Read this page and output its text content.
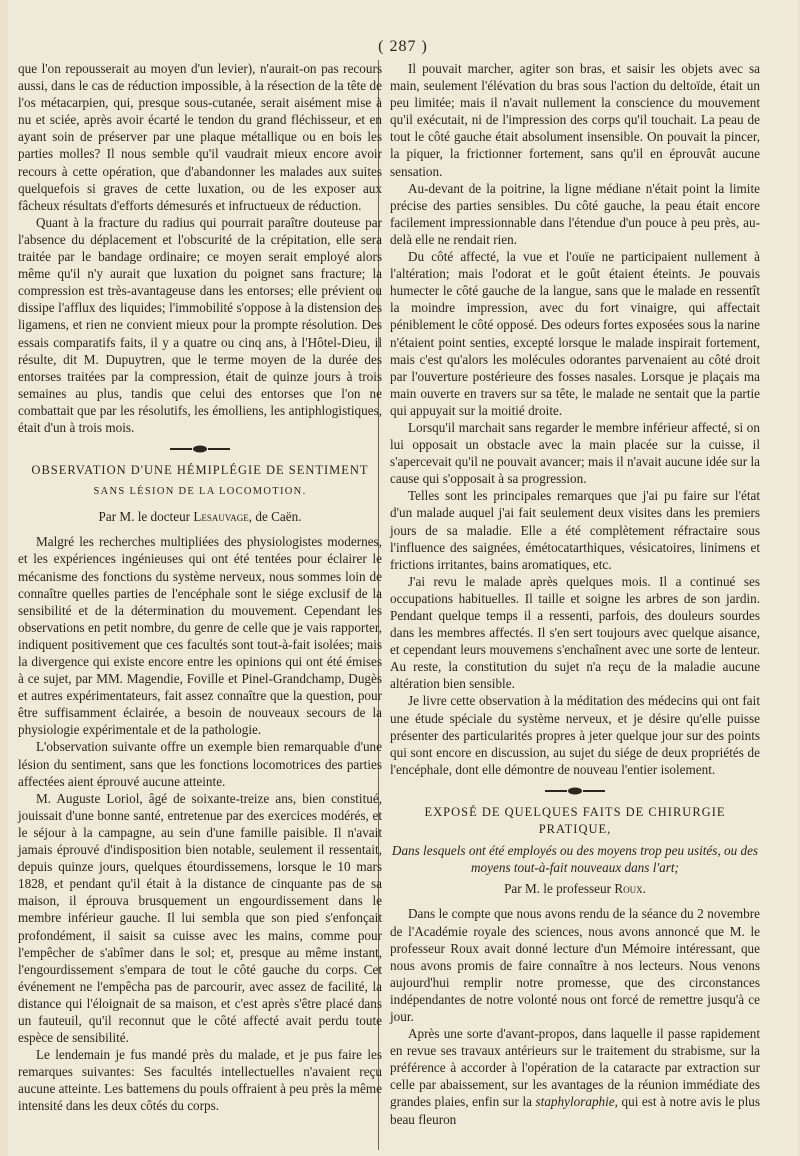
( 287 )

que l'on repousserait au moyen d'un levier), n'aurait-on pas recours aussi, dans le cas de réduction impossible, à la résection de la tête de l'os métacarpien, qui, presque sous-cutanée, serait aisément mise à nu et sciée, après avoir écarté le tendon du grand fléchisseur, et en ayant soin de préserver par une plaque métallique ou en bois les parties molles? Il nous semble qu'il vaudrait mieux encore avoir recours à cette opération, que d'abandonner les malades aux suites quelquefois si graves de cette luxation, ou de les exposer aux fâcheux résultats d'efforts démesurés et infructueux de réduction.

Quant à la fracture du radius qui pourrait paraître douteuse par l'absence du déplacement et l'obscurité de la crépitation, elle sera traitée par le bandage ordinaire; ce moyen serait employé alors même qu'il n'y aurait que luxation du poignet sans fracture; la compression est très-avantageuse dans les entorses; elle prévient ou dissipe l'afflux des liquides; l'immobilité s'oppose à la distension des ligamens, et rien ne convient mieux pour la prompte résolution. Des essais comparatifs faits, il y a quatre ou cinq ans, à l'Hôtel-Dieu, il résulte, dit M. Dupuytren, que le terme moyen de la durée des entorses traitées par la compression, était de quinze jours à trois semaines au plus, tandis que celui des entorses que l'on ne combattait que par les résolutifs, les émolliens, les antiphlogistiques, était d'un à trois mois.

OBSERVATION D'UNE HÉMIPLÉGIE DE SENTIMENT
SANS LÉSION DE LA LOCOMOTION.
Par M. le docteur Lesauvage, de Caën.

Malgré les recherches multipliées des physiologistes modernes, et les expériences ingénieuses qui ont été tentées pour éclairer le mécanisme des fonctions du système nerveux, nous sommes loin de connaître quelles parties de l'encéphale sont le siége exclusif de la sensibilité et de la détermination du mouvement. Cependant les observations en petit nombre, du genre de celle que je vais rapporter, indiquent positivement que ces facultés sont tout-à-fait isolées; mais la divergence qui existe encore entre les opinions qui ont été émises à ce sujet, par MM. Magendie, Foville et Pinel-Grandchamp, Dugès et autres expérimentateurs, fait assez connaître que la question, pour être suffisamment éclairée, a besoin de nouveaux secours de la physiologie expérimentale et de la pathologie.

L'observation suivante offre un exemple bien remarquable d'une lésion du sentiment, sans que les fonctions locomotrices des parties affectées aient éprouvé aucune atteinte.

M. Auguste Loriol, âgé de soixante-treize ans, bien constitué, jouissait d'une bonne santé, entretenue par des exercices modérés, et le séjour à la campagne, au sein d'une famille paisible. Il n'avait jamais éprouvé d'indisposition bien notable, seulement il ressentait, depuis quinze jours, quelques étourdissemens, lorsque le 10 mars 1828, et pendant qu'il était à la distance de cinquante pas de sa maison, il éprouva brusquement un engourdissement dans le membre inférieur gauche. Il lui sembla que son pied s'enfonçait profondément, il saisit sa cuisse avec les mains, comme pour l'empêcher de s'abîmer dans le sol; et, presque au même instant, l'engourdissement s'empara de tout le côté gauche du corps. Cet événement ne l'empêcha pas de parcourir, avec assez de facilité, la distance qui l'éloignait de sa maison, et c'est après s'être placé dans un fauteuil, qu'il reconnut que le côté affecté avait perdu toute espèce de sensibilité.

Le lendemain je fus mandé près du malade, et je pus faire les remarques suivantes: Ses facultés intellectuelles n'avaient reçu aucune atteinte. Les battemens du pouls offraient à peu près la même intensité dans les deux côtés du corps.

Il pouvait marcher, agiter son bras, et saisir les objets avec sa main, seulement l'élévation du bras sous l'action du deltoïde, était un peu limitée; mais il n'avait nullement la conscience du mouvement qu'il exécutait, ni de l'impression des corps qu'il touchait. La peau de tout le côté gauche était absolument insensible. On pouvait la pincer, la piquer, la frictionner fortement, sans qu'il en éprouvât aucune sensation.

Au-devant de la poitrine, la ligne médiane n'était point la limite précise des parties sensibles. Du côté gauche, la peau était encore facilement impressionnable dans l'étendue d'un pouce à peu près, au-delà elle ne rendait rien.

Du côté affecté, la vue et l'ouïe ne participaient nullement à l'altération; mais l'odorat et le goût étaient éteints. Je pouvais humecter le côté gauche de la langue, sans que le malade en ressentît la moindre impression, avec du fort vinaigre, qui affectait péniblement le côté opposé. Des odeurs fortes exposées sous la narine n'étaient point senties, excepté lorsque le malade inspirait fortement, mais c'est qu'alors les molécules odorantes parvenaient au côté droit par l'ouverture postérieure des fosses nasales. Lorsque je plaçais ma main ouverte en travers sur sa tête, le malade ne sentait que la partie qui appuyait sur la moitié droite.

Lorsqu'il marchait sans regarder le membre inférieur affecté, si on lui opposait un obstacle avec la main placée sur la cuisse, il s'apercevait qu'il ne pouvait avancer; mais il n'avait aucune idée sur la cause qui s'opposait à sa progression.

Telles sont les principales remarques que j'ai pu faire sur l'état d'un malade auquel j'ai fait seulement deux visites dans les premiers jours de sa maladie. Elle a été complètement réfractaire sous l'influence des saignées, émétocatarthiques, vésicatoires, linimens et frictions irritantes, bains aromatiques, etc.

J'ai revu le malade après quelques mois. Il a continué ses occupations habituelles. Il taille et soigne les arbres de son jardin. Pendant quelque temps il a ressenti, parfois, des douleurs sourdes dans les membres affectés. Il s'en sert toujours avec quelque aisance, et cependant leurs mouvemens s'enchaînent avec une sorte de lenteur. Au reste, la constitution du sujet n'a reçu de la maladie aucune altération bien sensible.

Je livre cette observation à la méditation des médecins qui ont fait une étude spéciale du système nerveux, et je désire qu'elle puisse présenter des particularités propres à jeter quelque jour sur des points qui sont encore en discussion, au sujet du siége de deux propriétés de l'encéphale, dont elle démontre de nouveau l'entier isolement.

EXPOSÉ DE QUELQUES FAITS DE CHIRURGIE
PRATIQUE,
Dans lesquels ont été employés ou des moyens trop peu usités, ou des moyens tout-à-fait nouveaux dans l'art;
Par M. le professeur Roux.

Dans le compte que nous avons rendu de la séance du 2 novembre de l'Académie royale des sciences, nous avons annoncé que M. le professeur Roux avait donné lecture d'un Mémoire intéressant, que nous avons promis de faire connaître à nos lecteurs. Nous venons aujourd'hui remplir notre promesse, que des circonstances indépendantes de notre volonté nous ont forcé de remettre jusqu'à ce jour.

Après une sorte d'avant-propos, dans laquelle il passe rapidement en revue ses travaux antérieurs sur le traitement du strabisme, sur la préférence à accorder à l'opération de la cataracte par extraction sur celle par abaissement, sur les avantages de la réunion immédiate des grandes plaies, enfin sur la staphyloraphie, qui est à notre avis le plus beau fleuron
